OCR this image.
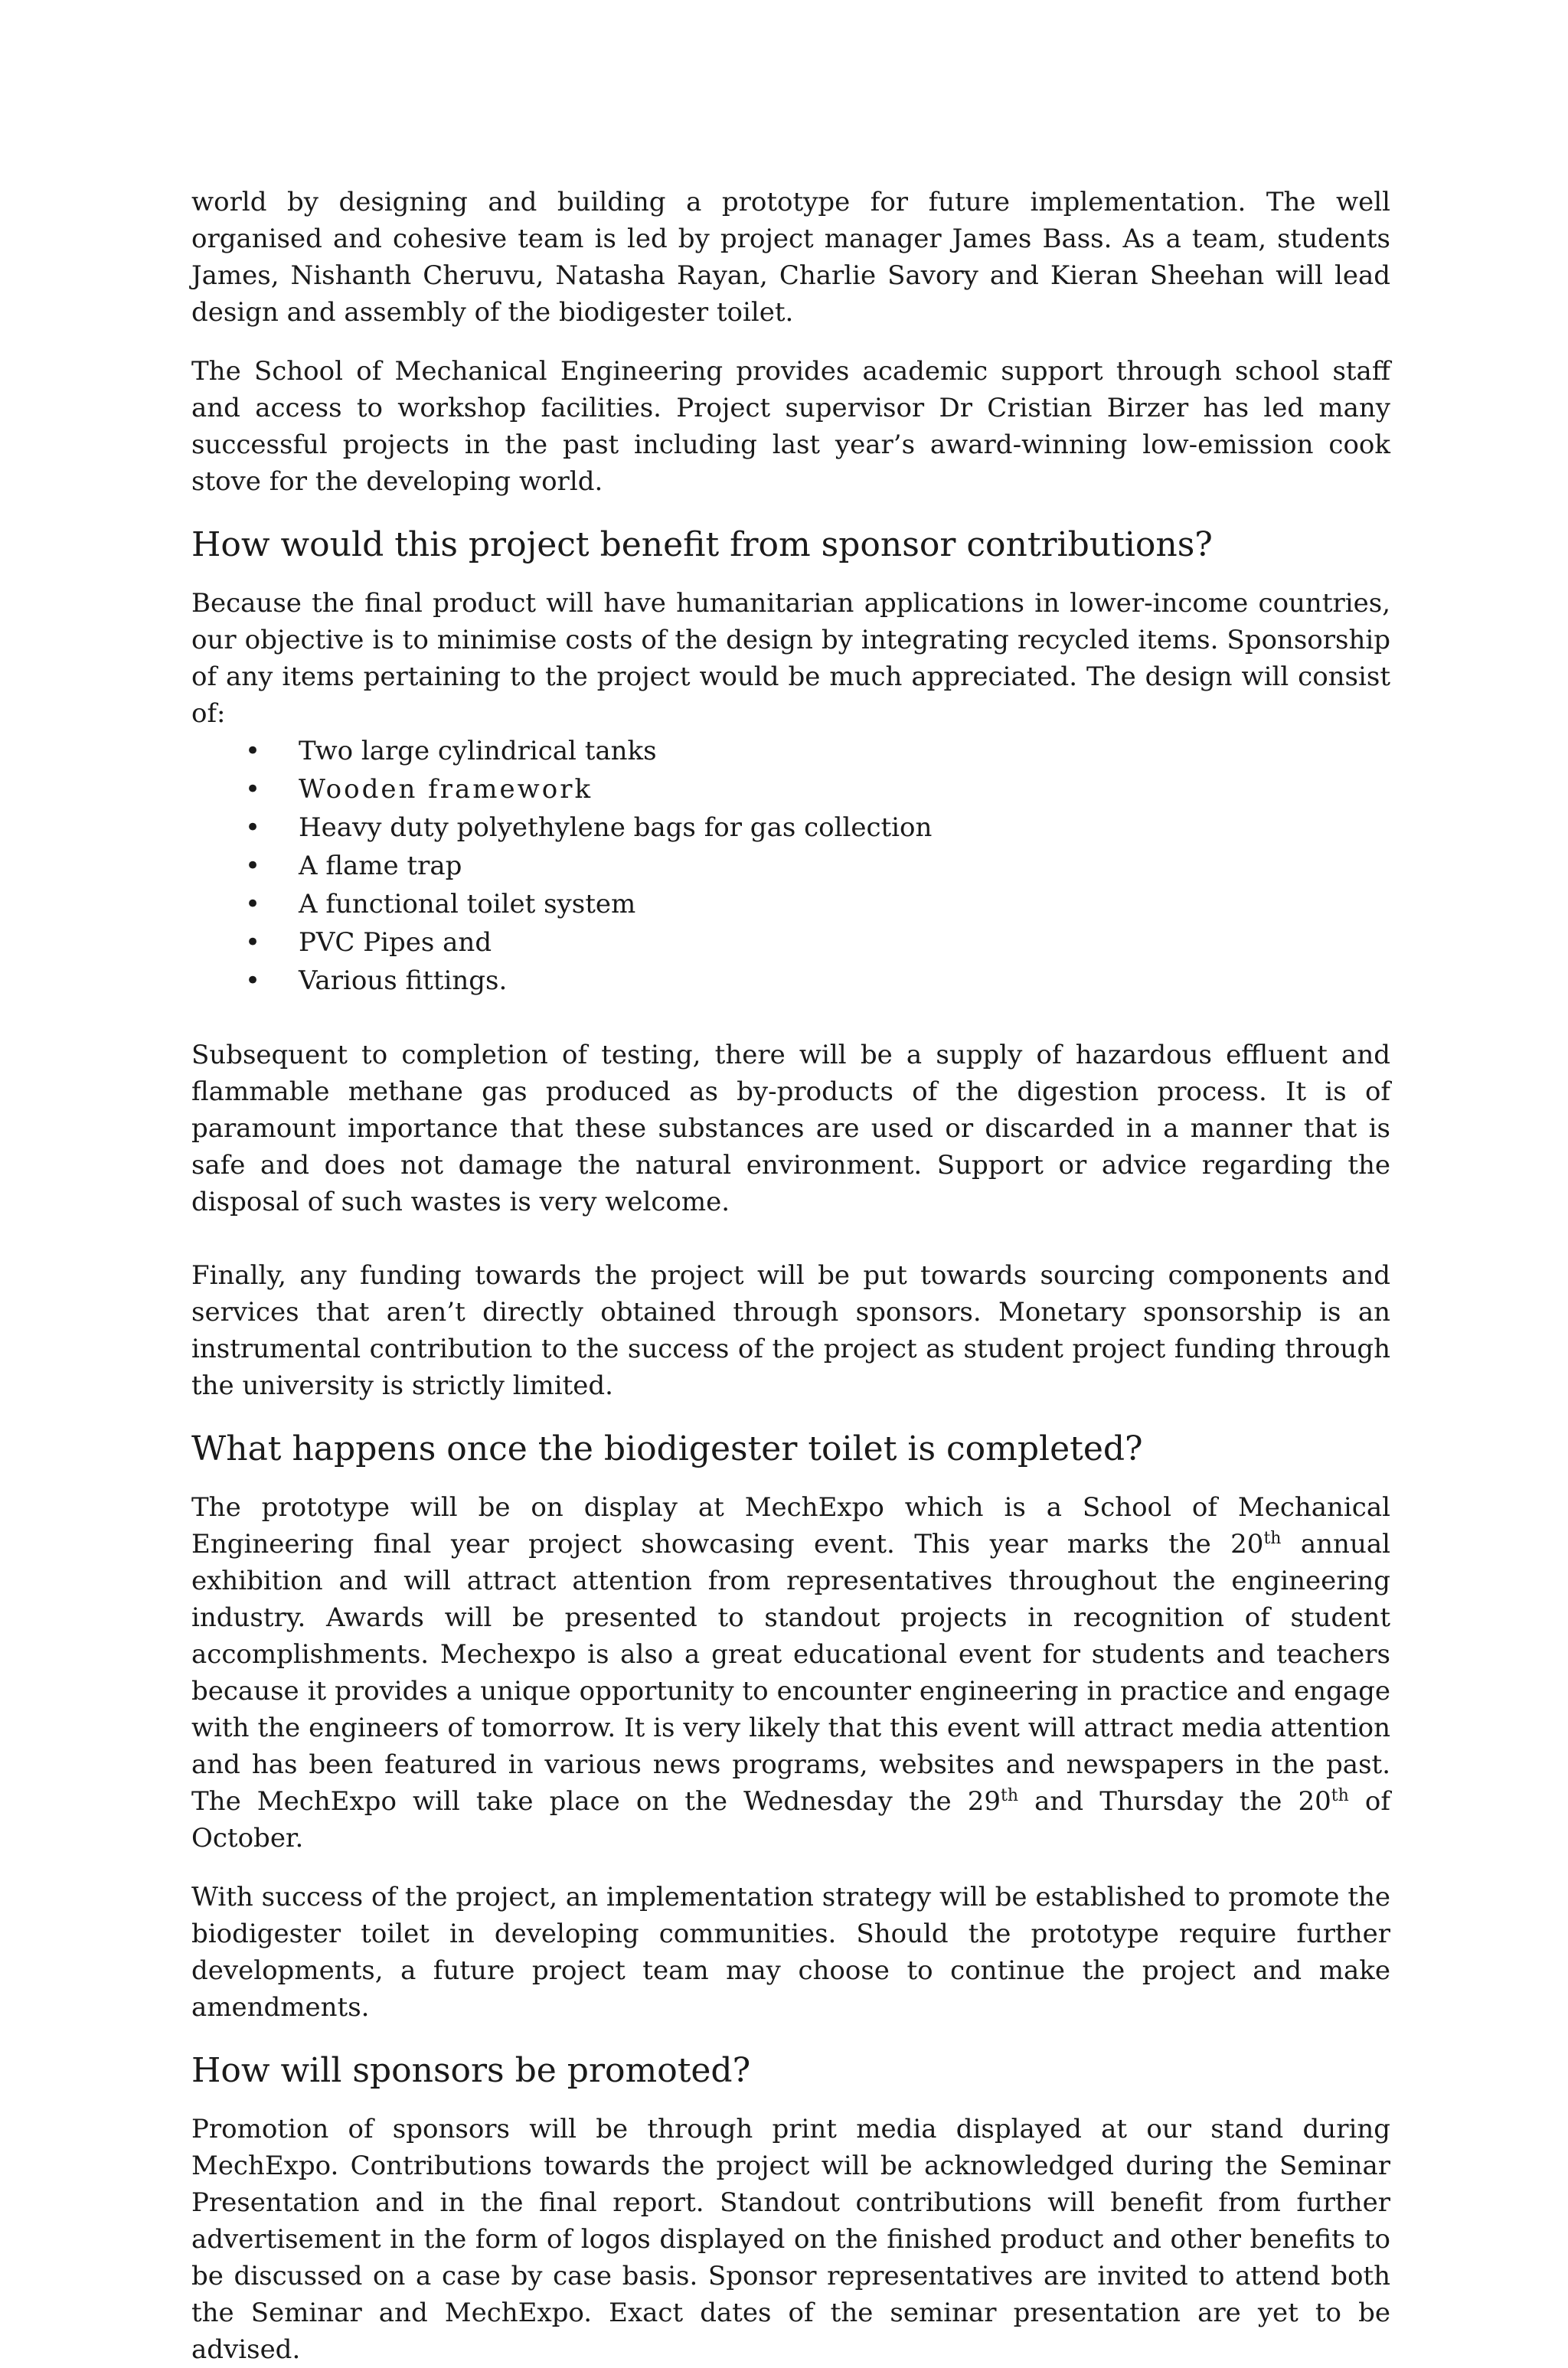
world by designing and building a prototype for future implementation. The well organised and cohesive team is led by project manager James Bass. As a team, students James, Nishanth Cheruvu, Natasha Rayan, Charlie Savory and Kieran Sheehan will lead design and assembly of the biodigester toilet.

The School of Mechanical Engineering provides academic support through school staff and access to workshop facilities. Project supervisor Dr Cristian Birzer has led many successful projects in the past including last year’s award-winning low-emission cook stove for the developing world.

How would this project benefit from sponsor contributions?

Because the final product will have humanitarian applications in lower-income countries, our objective is to minimise costs of the design by integrating recycled items. Sponsorship of any items pertaining to the project would be much appreciated. The design will consist of:

•	Two large cylindrical tanks
•	Wooden framework
•	Heavy duty polyethylene bags for gas collection
•	A flame trap
•	A functional toilet system
•	PVC Pipes and
•	Various fittings.

Subsequent to completion of testing, there will be a supply of hazardous effluent and flammable methane gas produced as by-products of the digestion process. It is of paramount importance that these substances are used or discarded in a manner that is safe and does not damage the natural environment. Support or advice regarding the disposal of such wastes is very welcome.

Finally, any funding towards the project will be put towards sourcing components and services that aren’t directly obtained through sponsors. Monetary sponsorship is an instrumental contribution to the success of the project as student project funding through the university is strictly limited.

What happens once the biodigester toilet is completed?

The prototype will be on display at MechExpo which is a School of Mechanical Engineering final year project showcasing event. This year marks the 20th annual exhibition and will attract attention from representatives throughout the engineering industry. Awards will be presented to standout projects in recognition of student accomplishments. Mechexpo is also a great educational event for students and teachers because it provides a unique opportunity to encounter engineering in practice and engage with the engineers of tomorrow. It is very likely that this event will attract media attention and has been featured in various news programs, websites and newspapers in the past. The MechExpo will take place on the Wednesday the 29th and Thursday the 20th of October.

With success of the project, an implementation strategy will be established to promote the biodigester toilet in developing communities. Should the prototype require further developments, a future project team may choose to continue the project and make amendments.

How will sponsors be promoted?

Promotion of sponsors will be through print media displayed at our stand during MechExpo. Contributions towards the project will be acknowledged during the Seminar Presentation and in the final report. Standout contributions will benefit from further advertisement in the form of logos displayed on the finished product and other benefits to be discussed on a case by case basis. Sponsor representatives are invited to attend both the Seminar and MechExpo. Exact dates of the seminar presentation are yet to be advised.
